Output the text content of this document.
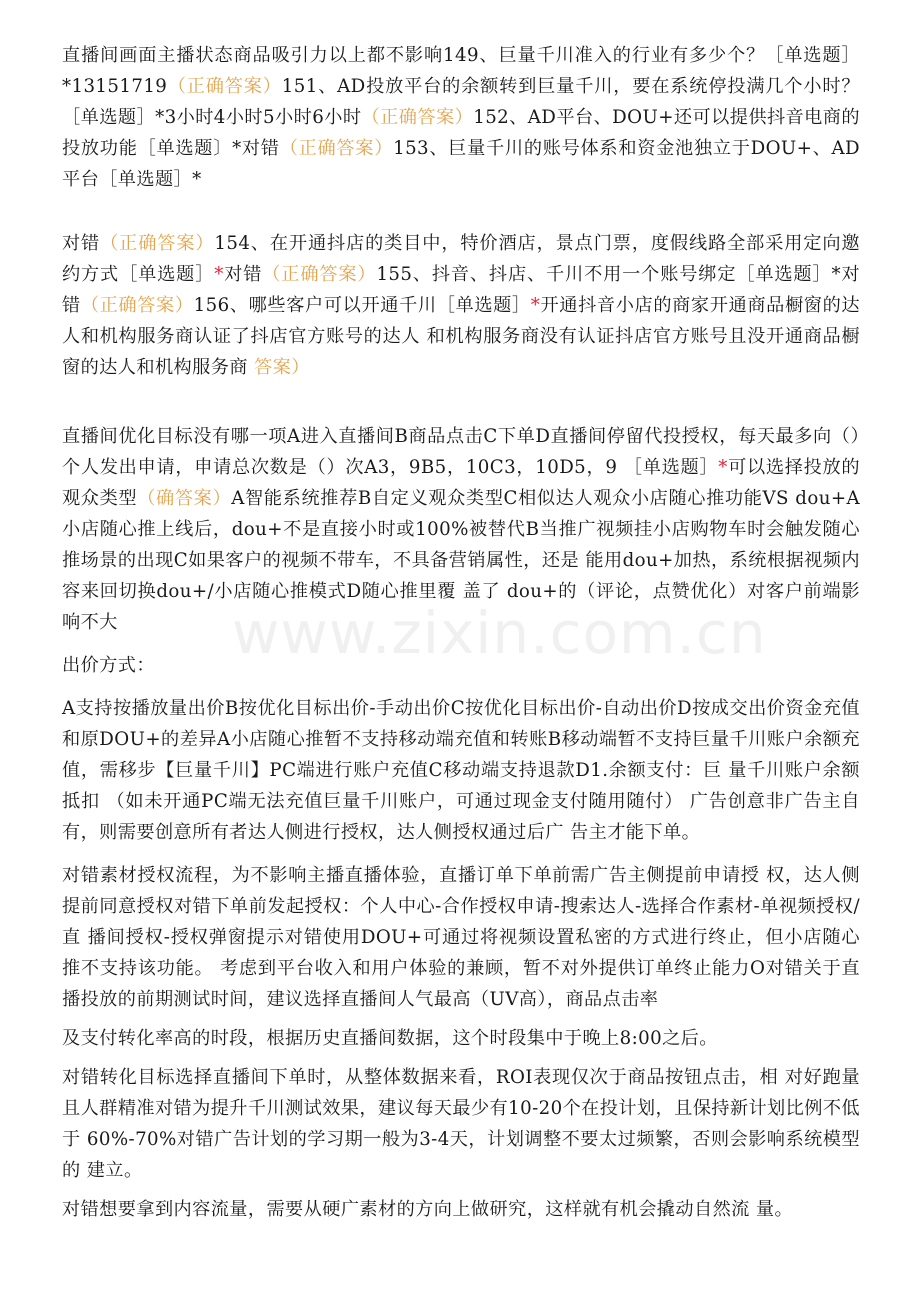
直播间画面主播状态商品吸引力以上都不影响149、巨量千川准入的行业有多少个？［单选题］*13151719（正确答案）151、AD投放平台的余额转到巨量千川，要在系统停投满几个小时？［单选题］*3小时4小时5小时6小时（正确答案）152、AD平台、DOU+还可以提供抖音电商的投放功能［单选题〕*对错（正确答案）153、巨量千川的账号体系和资金池独立于DOU+、AD平台［单选题］*

对错（正确答案）154、在开通抖店的类目中，特价酒店，景点门票，度假线路全部采用定向邀约方式［单选题］*对错（正确答案）155、抖音、抖店、千川不用一个账号绑定［单选题］*对错（正确答案）156、哪些客户可以开通千川［单选题］*开通抖音小店的商家开通商品橱窗的达人和机构服务商认证了抖店官方账号的达人 和机构服务商没有认证抖店官方账号且没开通商品橱窗的达人和机构服务商 答案）

直播间优化目标没有哪一项A进入直播间B商品点击C下单D直播间停留代投授权，每天最多向（）个人发出申请，申请总次数是（）次A3，9B5，10C3，10D5，9 ［单选题］*可以选择投放的观众类型（确答案）A智能系统推荐B自定义观众类型C相似达人观众小店随心推功能VS dou+A小店随心推上线后，dou+不是直接小时或100%被替代B当推广视频挂小店购物车时会触发随心推场景的出现C如果客户的视频不带车，不具备营销属性，还是 能用dou+加热，系统根据视频内容来回切换dou+/小店随心推模式D随心推里覆 盖了 dou+的（评论，点赞优化）对客户前端影响不大

出价方式：

A支持按播放量出价B按优化目标出价-手动出价C按优化目标出价-自动出价D按成交出价资金充值和原DOU+的差异A小店随心推暂不支持移动端充值和转账B移动端暂不支持巨量千川账户余额充 值，需移步【巨量千川】PC端进行账户充值C移动端支持退款D1.余额支付：巨 量千川账户余额抵扣 （如未开通PC端无法充值巨量千川账户，可通过现金支付随用随付） 广告创意非广告主自有，则需要创意所有者达人侧进行授权，达人侧授权通过后广 告主才能下单。

对错素材授权流程，为不影响主播直播体验，直播订单下单前需广告主侧提前申请授 权，达人侧提前同意授权对错下单前发起授权：个人中心-合作授权申请-搜索达人-选择合作素材-单视频授权/直 播间授权-授权弹窗提示对错使用DOU+可通过将视频设置私密的方式进行终止，但小店随心推不支持该功能。 考虑到平台收入和用户体验的兼顾，暂不对外提供订单终止能力O对错关于直播投放的前期测试时间，建议选择直播间人气最高（UV高），商品点击率

及支付转化率高的时段，根据历史直播间数据，这个时段集中于晚上8:00之后。

对错转化目标选择直播间下单时，从整体数据来看，ROI表现仅次于商品按钮点击，相 对好跑量且人群精准对错为提升千川测试效果，建议每天最少有10-20个在投计划，且保持新计划比例不低 于 60%-70%对错广告计划的学习期一般为3-4天，计划调整不要太过频繁，否则会影响系统模型的 建立。

对错想要拿到内容流量，需要从硬广素材的方向上做研究，这样就有机会撬动自然流 量。

www.zixin.com.cn
